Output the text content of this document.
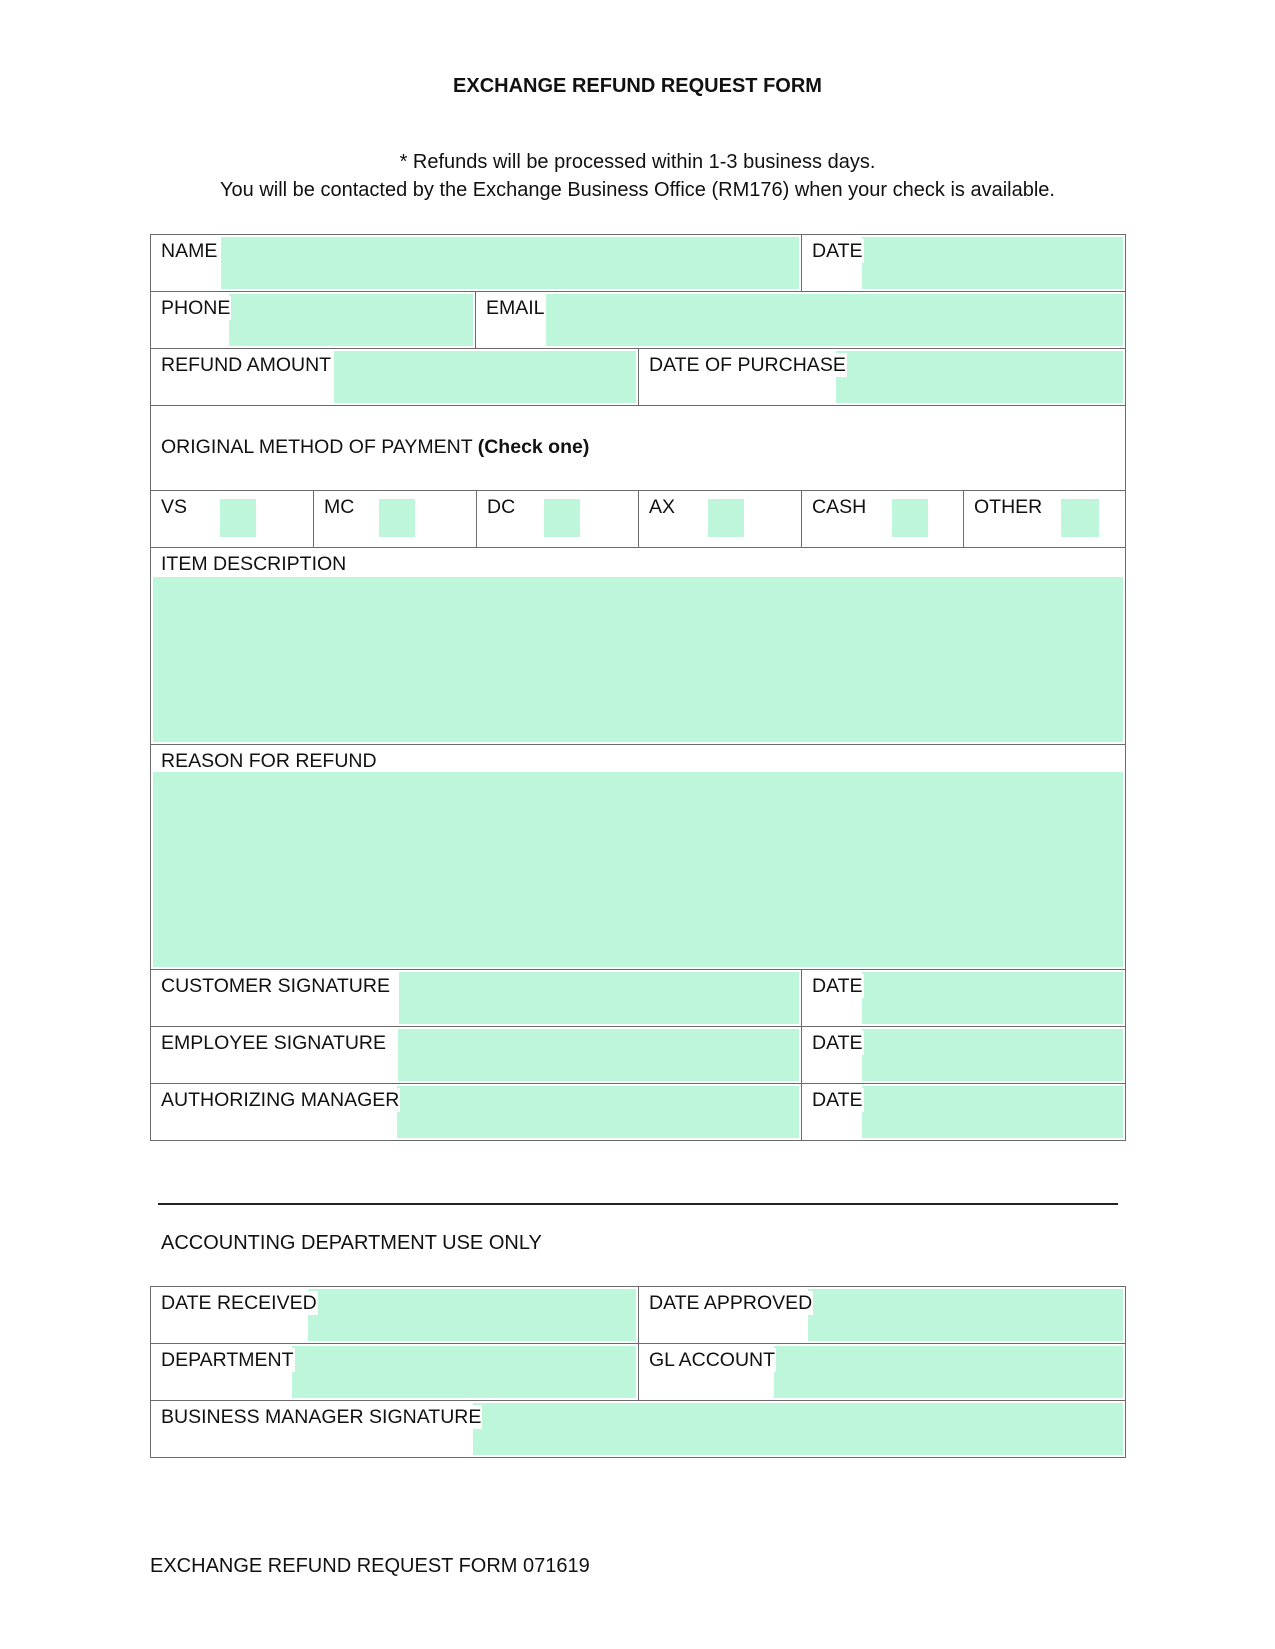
EXCHANGE REFUND REQUEST FORM
* Refunds will be processed within 1-3 business days.
You will be contacted by the Exchange Business Office (RM176) when your check is available.
NAME	DATE
PHONE	EMAIL
REFUND AMOUNT	DATE OF PURCHASE
ORIGINAL METHOD OF PAYMENT (Check one)
VS	MC	DC	AX	CASH	OTHER
ITEM DESCRIPTION
REASON FOR REFUND
CUSTOMER SIGNATURE	DATE
EMPLOYEE SIGNATURE	DATE
AUTHORIZING MANAGER	DATE
ACCOUNTING DEPARTMENT USE ONLY
DATE RECEIVED	DATE APPROVED
DEPARTMENT	GL ACCOUNT
BUSINESS MANAGER SIGNATURE
EXCHANGE REFUND REQUEST FORM 071619
